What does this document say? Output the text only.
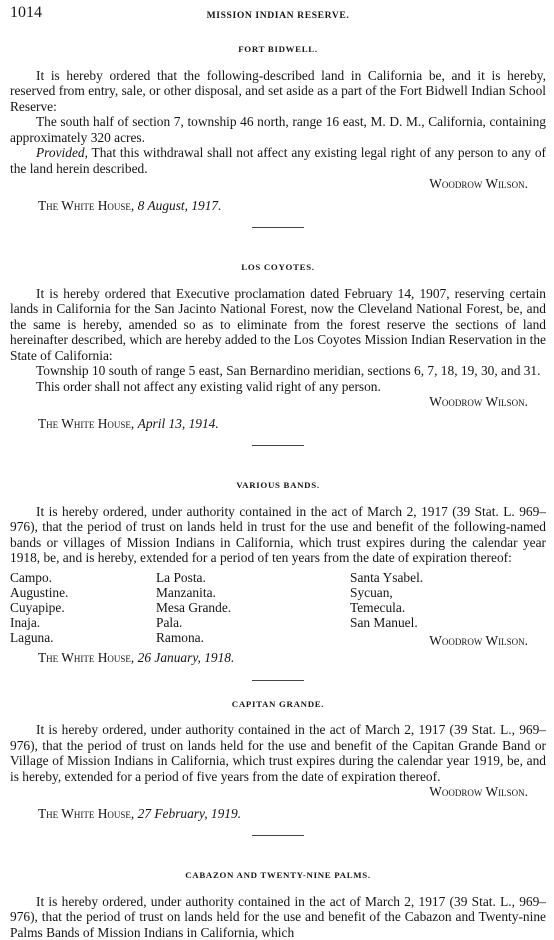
1014	MISSION INDIAN RESERVE.
FORT BIDWELL.

It is hereby ordered that the following-described land in California be, and it is hereby, reserved from entry, sale, or other disposal, and set aside as a part of the Fort Bidwell Indian School Reserve:

The south half of section 7, township 46 north, range 16 east, M. D. M., California, containing approximately 320 acres.

Provided, That this withdrawal shall not affect any existing legal right of any person to any of the land herein described.

Woodrow Wilson.
The White House, 8 August, 1917.
LOS COYOTES.

It is hereby ordered that Executive proclamation dated February 14, 1907, reserving certain lands in California for the San Jacinto National Forest, now the Cleveland National Forest, be, and the same is hereby, amended so as to eliminate from the forest reserve the sections of land hereinafter described, which are hereby added to the Los Coyotes Mission Indian Reservation in the State of California:

Township 10 south of range 5 east, San Bernardino meridian, sections 6, 7, 18, 19, 30, and 31.

This order shall not affect any existing valid right of any person.

Woodrow Wilson.
The White House, April 13, 1914.
VARIOUS BANDS.

It is hereby ordered, under authority contained in the act of March 2, 1917 (39 Stat. L. 969–976), that the period of trust on lands held in trust for the use and benefit of the following-named bands or villages of Mission Indians in California, which trust expires during the calendar year 1918, be, and is hereby, extended for a period of ten years from the date of expiration thereof:

Campo.
Augustine.
Cuyapipe.
Inaja.
Laguna.
La Posta.
Manzanita.
Mesa Grande.
Pala.
Ramona.
Santa Ysabel.
Sycuan,
Temecula.
San Manuel.
Woodrow Wilson.
The White House, 26 January, 1918.
CAPITAN GRANDE.

It is hereby ordered, under authority contained in the act of March 2, 1917 (39 Stat. L., 969–976), that the period of trust on lands held for the use and benefit of the Capitan Grande Band or Village of Mission Indians in California, which trust expires during the calendar year 1919, be, and is hereby, extended for a period of five years from the date of expiration thereof.

Woodrow Wilson.
The White House, 27 February, 1919.
CABAZON AND TWENTY-NINE PALMS.

It is hereby ordered, under authority contained in the act of March 2, 1917 (39 Stat. L., 969–976), that the period of trust on lands held for the use and benefit of the Cabazon and Twenty-nine Palms Bands of Mission Indians in California, which
